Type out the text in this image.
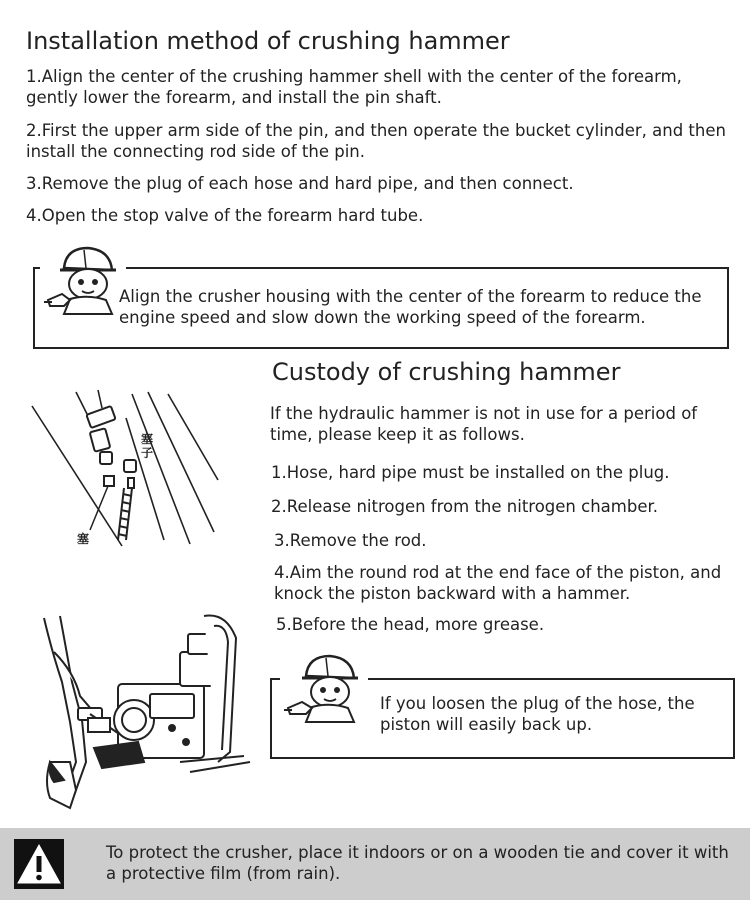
Installation method of crushing hammer
1.Align the center of the crushing hammer shell with the center of the forearm, gently lower the forearm, and install the pin shaft.
2.First the upper arm side of the pin, and then operate the bucket cylinder, and then install the connecting rod side of the pin.
3.Remove the plug of each hose and hard pipe, and then connect.
4.Open the stop valve of the forearm hard tube.
Align the crusher housing with the center of the forearm to reduce the engine speed and slow down the working speed of the forearm.
Custody of crushing hammer
If the hydraulic hammer is not in use for a period of time, please keep it as follows.
1.Hose, hard pipe must be installed on the plug.
2.Release nitrogen from the nitrogen chamber.
3.Remove the rod.
4.Aim the round rod at the end face of the piston, and knock the piston backward with a hammer.
5.Before the head, more grease.
塞子
塞
If you loosen the plug of the hose, the piston will easily back up.
To protect the crusher, place it indoors or on a wooden tie and cover it with a protective film (from rain).
